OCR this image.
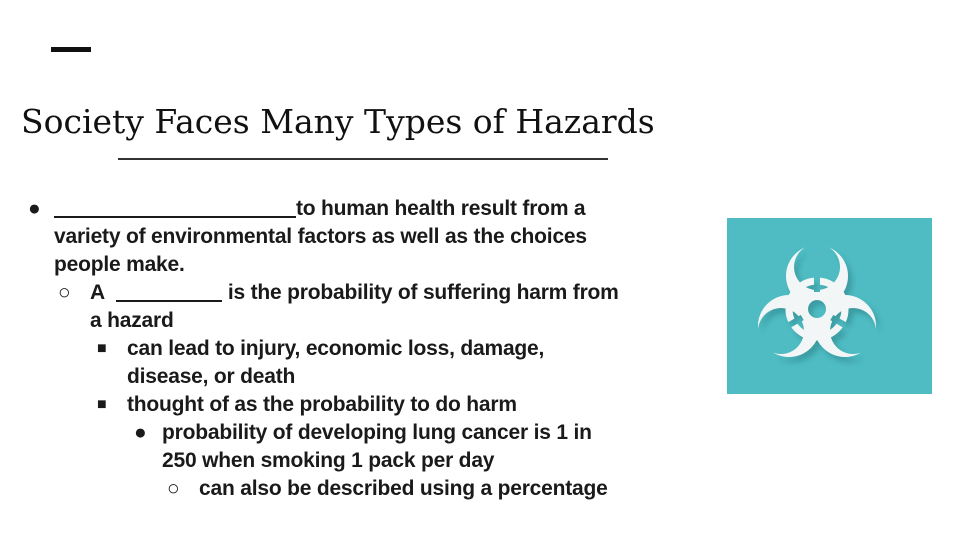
Society Faces Many Types of Hazards
●	to human health result from a
variety of environmental factors as well as the choices
people make.
○ A	is the probability of suffering harm from
a hazard
■ can lead to injury, economic loss, damage,
disease, or death
■ thought of as the probability to do harm
● probability of developing lung cancer is 1 in
250 when smoking 1 pack per day
○ can also be described using a percentage
